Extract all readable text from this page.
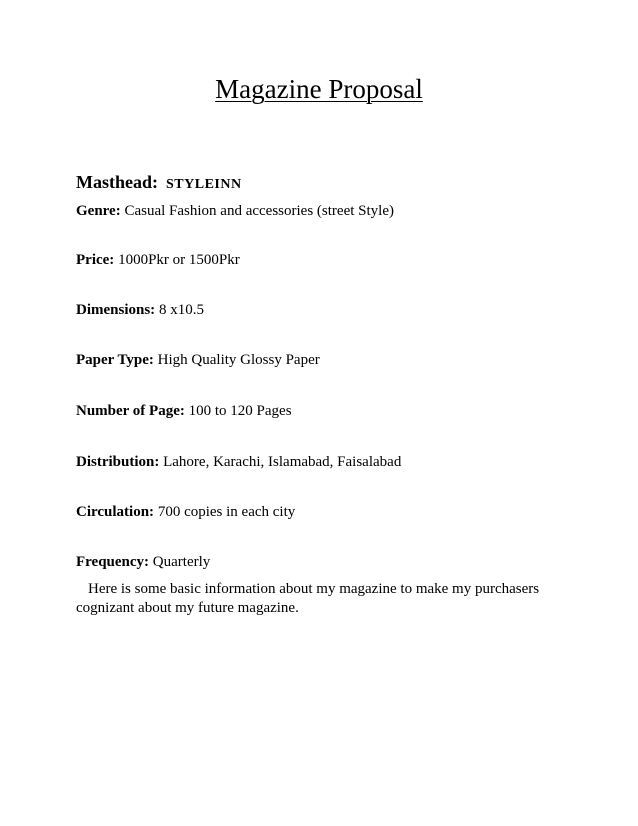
Magazine Proposal
Masthead: STYLEINN
Genre: Casual Fashion and accessories (street Style)
Price: 1000Pkr or 1500Pkr
Dimensions: 8 x10.5
Paper Type: High Quality Glossy Paper
Number of Page: 100 to 120 Pages
Distribution: Lahore, Karachi, Islamabad, Faisalabad
Circulation: 700 copies in each city
Frequency: Quarterly
Here is some basic information about my magazine to make my purchasers
cognizant about my future magazine.
